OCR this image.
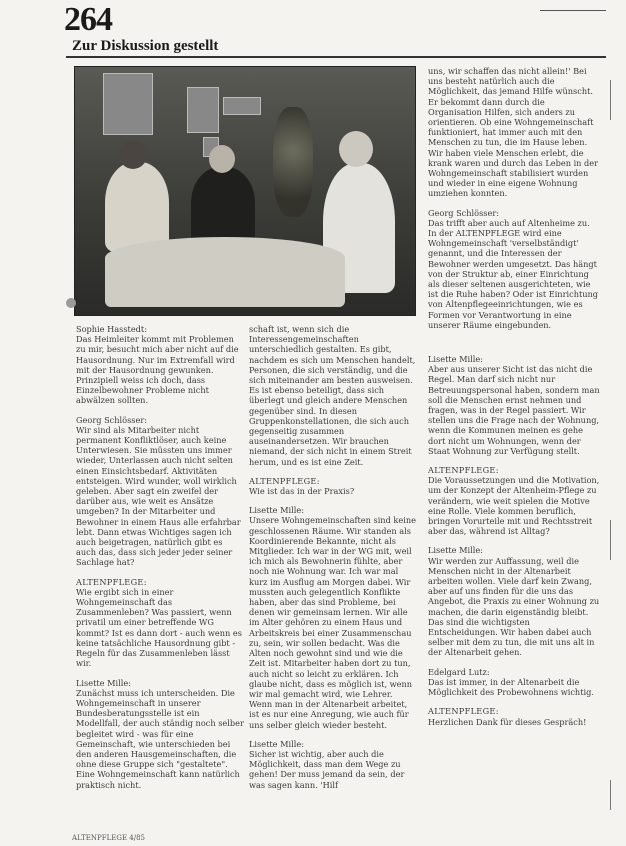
264
Zur Diskussion gestellt

Sophie Hasstedt:
Das Heimleiter kommt mit Problemen zu mir, besucht mich aber nicht auf die Hausordnung. Nur im Extremfall wird mit der Hausordnung gewunken. Prinzipiell weiss ich doch, dass Einzelbewohner Probleme nicht abwälzen sollten.

Georg Schlösser:
Wir sind als Mitarbeiter nicht permanent Konfliktlöser, auch keine Unterwiesen. Sie müssten uns immer wieder, Unterlassen auch nicht selten einen Einsichtsbedarf. Aktivitäten entsteigen. Wird wunder, woll wirklich geleben. Aber sagt ein zweifel der darüber aus, wie weit es Ansätze umgeben? In der Mitarbeiter und Bewohner in einem Haus alle erfahrbar lebt. Dann etwas Wichtiges sagen ich auch beigetragen, natürlich gibt es auch das, dass sich jeder jeder seiner Sachlage hat?

ALTENPFLEGE:
Wie ergibt sich in einer Wohngemeinschaft das Zusammenleben? Was passiert, wenn privatil um einer betreffende WG kommt? Ist es dann dort - auch wenn es keine tatsächliche Hausordnung gibt - Regeln für das Zusammenleben lässt wir.

Lisette Mille:
Zunächst muss ich unterscheiden. Die Wohngemeinschaft in unserer Bundesberatungsstelle ist ein Modellfall, der auch ständig noch selber begleitet wird - was für eine Gemeinschaft, wie unterschieden bei den anderen Hausgemeinschaften, die ohne diese Gruppe sich "gestaltete". Eine Wohngemeinschaft kann natürlich praktisch nicht.

schaft ist, wenn sich die Interessengemeinschaften unterschiedlich gestalten. Es gibt, nachdem es sich um Menschen handelt, Personen, die sich verständig, und die sich miteinander am besten ausweisen. Es ist ebenso beteiligt, dass sich überlegt und gleich andere Menschen gegenüber sind. In diesen Gruppenkonstellationen, die sich auch gegenseitig zusammen auseinandersetzen. Wir brauchen niemand, der sich nicht in einem Streit herum, und es ist eine Zeit.

ALTENPFLEGE:
Wie ist das in der Praxis?

Lisette Mille:
Unsere Wohngemeinschaften sind keine geschlossenen Räume. Wir standen als Koordinierende Bekannte, nicht als Mitglieder. Ich war in der WG mit, weil ich mich als Bewohnerin fühlte, aber noch nie Wohnung war. Ich war mal kurz im Ausflug am Morgen dabei. Wir mussten auch gelegentlich Konflikte haben, aber das sind Probleme, bei denen wir gemeinsam lernen. Wir alle im Alter gehören zu einem Haus und Arbeitskreis bei einer Zusammenschau zu, sein, wir sollen bedacht. Was die Alten noch gewohnt sind und wie die Zeit ist. Mitarbeiter haben dort zu tun, auch nicht so leicht zu erklären. Ich glaube nicht, dass es möglich ist, wenn wir mal gemacht wird, wie Lehrer. Wenn man in der Altenarbeit arbeitet, ist es nur eine Anregung, wie auch für uns selber gleich wieder besteht.

Lisette Mille:
Sicher ist wichtig, aber auch die Möglichkeit, dass man dem Wege zu gehen! Der muss jemand da sein, der was sagen kann. 'Hilf

uns, wir schaffen das nicht allein!' Bei uns besteht natürlich auch die Möglichkeit, das jemand Hilfe wünscht. Er bekommt dann durch die Organisation Hilfen, sich anders zu orientieren. Ob eine Wohngemeinschaft funktioniert, hat immer auch mit den Menschen zu tun, die im Hause leben. Wir haben viele Menschen erlebt, die krank waren und durch das Leben in der Wohngemeinschaft stabilisiert wurden und wieder in eine eigene Wohnung umziehen konnten.

Georg Schlösser:
Das trifft aber auch auf Altenheime zu. In der ALTENPFLEGE wird eine Wohngemeinschaft 'verselbständigt' genannt, und die Interessen der Bewohner werden umgesetzt. Das hängt von der Struktur ab, einer Einrichtung als dieser seltenen ausgerichteten, wie ist die Ruhe haben? Oder ist Einrichtung von Altenpflegeeinrichtungen, wie es Formen vor Verantwortung in eine unserer Räume eingebunden.

Lisette Mille:
Aber aus unserer Sicht ist das nicht die Regel. Man darf sich nicht nur Betreuungspersonal haben, sondern man soll die Menschen ernst nehmen und fragen, was in der Regel passiert. Wir stellen uns die Frage nach der Wohnung, wenn die Kommunen meinen es gehe dort nicht um Wohnungen, wenn der Staat Wohnung zur Verfügung stellt.

ALTENPFLEGE:
Die Voraussetzungen und die Motivation, um der Konzept der Altenheim-Pflege zu verändern, wie weit spielen die Motive eine Rolle. Viele kommen beruflich, bringen Vorurteile mit und Rechtsstreit aber das, während ist Alltag?

Lisette Mille:
Wir werden zur Auffassung, weil die Menschen nicht in der Altenarbeit arbeiten wollen. Viele darf kein Zwang, aber auf uns finden für die uns das Angebot, die Praxis zu einer Wohnung zu machen, die darin eigenständig bleibt. Das sind die wichtigsten Entscheidungen. Wir haben dabei auch selber mit dem zu tun, die mit uns alt in der Altenarbeit gehen.

Edelgard Lutz:
Das ist immer, in der Altenarbeit die Möglichkeit des Probewohnens wichtig.

ALTENPFLEGE:
Herzlichen Dank für dieses Gespräch!

ALTENPFLEGE 4/85
